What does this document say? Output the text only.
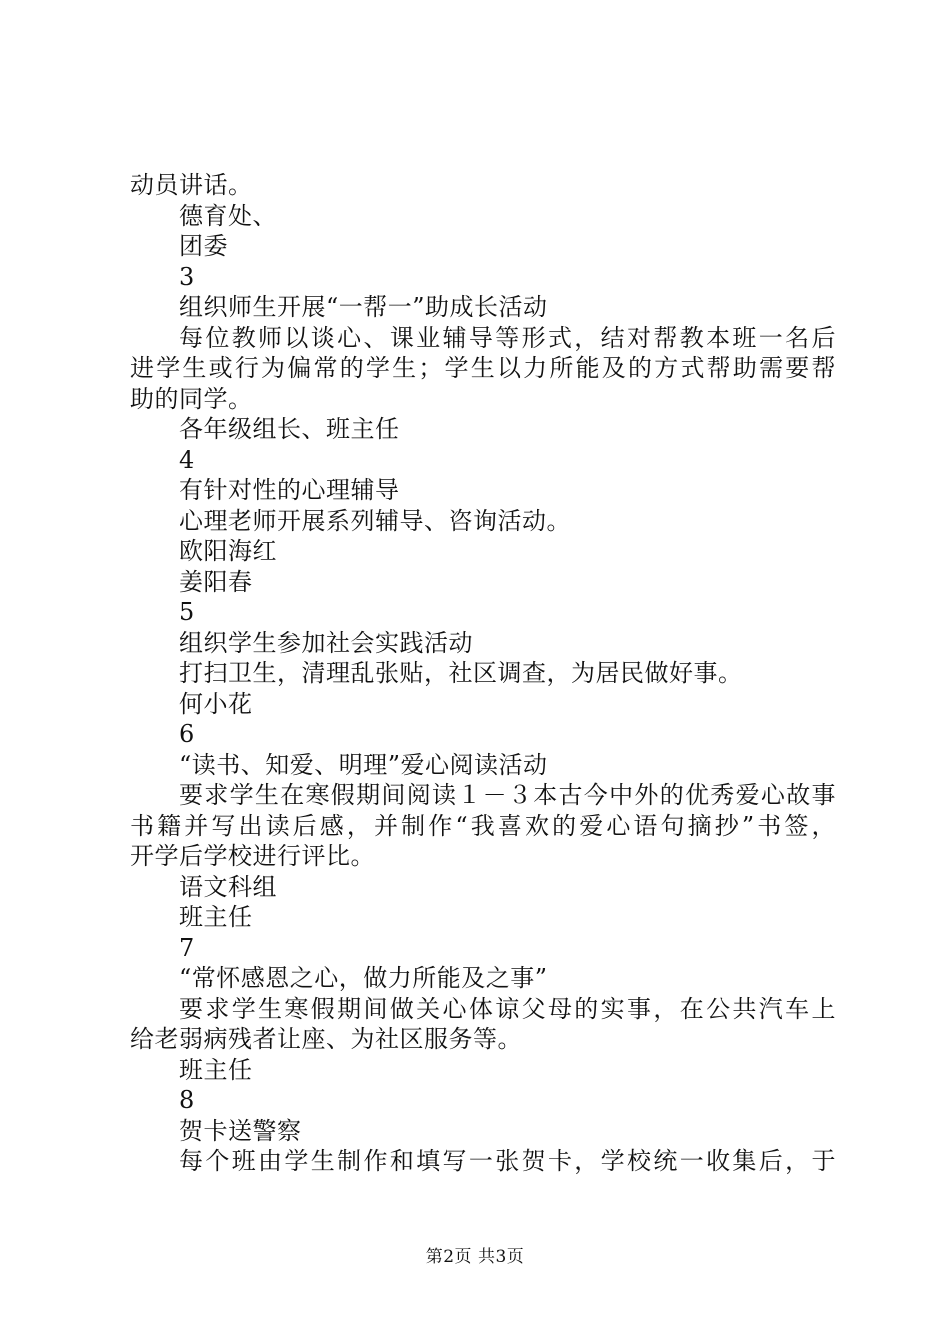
动员讲话。
德育处、
团委
3
组织师生开展“一帮一”助成长活动
每位教师以谈心、课业辅导等形式，结对帮教本班一名后
进学生或行为偏常的学生；学生以力所能及的方式帮助需要帮
助的同学。
各年级组长、班主任
4
有针对性的心理辅导
心理老师开展系列辅导、咨询活动。
欧阳海红
姜阳春
5
组织学生参加社会实践活动
打扫卫生，清理乱张贴，社区调查，为居民做好事。
何小花
6
“读书、知爱、明理”爱心阅读活动
要求学生在寒假期间阅读１－３本古今中外的优秀爱心故事
书籍并写出读后感，并制作“我喜欢的爱心语句摘抄”书签，
开学后学校进行评比。
语文科组
班主任
7
“常怀感恩之心，做力所能及之事”
要求学生寒假期间做关心体谅父母的实事，在公共汽车上
给老弱病残者让座、为社区服务等。
班主任
8
贺卡送警察
每个班由学生制作和填写一张贺卡，学校统一收集后，于
第2页 共3页
